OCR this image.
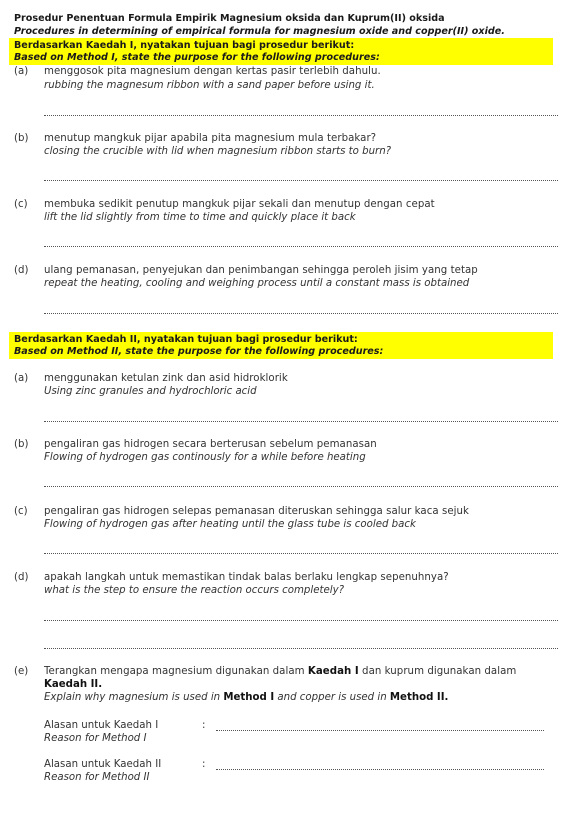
Prosedur Penentuan Formula Empirik Magnesium oksida dan Kuprum(II) oksida
Procedures in determining of empirical formula for magnesium oxide and copper(II) oxide.
Berdasarkan Kaedah I, nyatakan tujuan bagi prosedur berikut:
Based on Method I, state the purpose for the following procedures:
(a) menggosok pita magnesium dengan kertas pasir terlebih dahulu.
rubbing the magnesum ribbon with a sand paper before using it.
(b) menutup mangkuk pijar apabila pita magnesium mula terbakar?
closing the crucible with lid when magnesium ribbon starts to burn?
(c) membuka sedikit penutup mangkuk pijar sekali dan menutup dengan cepat
lift the lid slightly from time to time and quickly place it back
(d) ulang pemanasan, penyejukan dan penimbangan sehingga peroleh jisim yang tetap
repeat the heating, cooling and weighing process until a constant mass is obtained
Berdasarkan Kaedah II, nyatakan tujuan bagi prosedur berikut:
Based on Method II, state the purpose for the following procedures:
(a) menggunakan ketulan zink dan asid hidroklorik
Using zinc granules and hydrochloric acid
(b) pengaliran gas hidrogen secara berterusan sebelum pemanasan
Flowing of hydrogen gas continously for a while before heating
(c) pengaliran gas hidrogen selepas pemanasan diteruskan sehingga salur kaca sejuk
Flowing of hydrogen gas after heating until the glass tube is cooled back
(d) apakah langkah untuk memastikan tindak balas berlaku lengkap sepenuhnya?
what is the step to ensure the reaction occurs completely?
(e) Terangkan mengapa magnesium digunakan dalam Kaedah I dan kuprum digunakan dalam
Kaedah II.
Explain why magnesium is used in Method I and copper is used in Method II.
Alasan untuk Kaedah I	:
Reason for Method I
Alasan untuk Kaedah II	:
Reason for Method II
